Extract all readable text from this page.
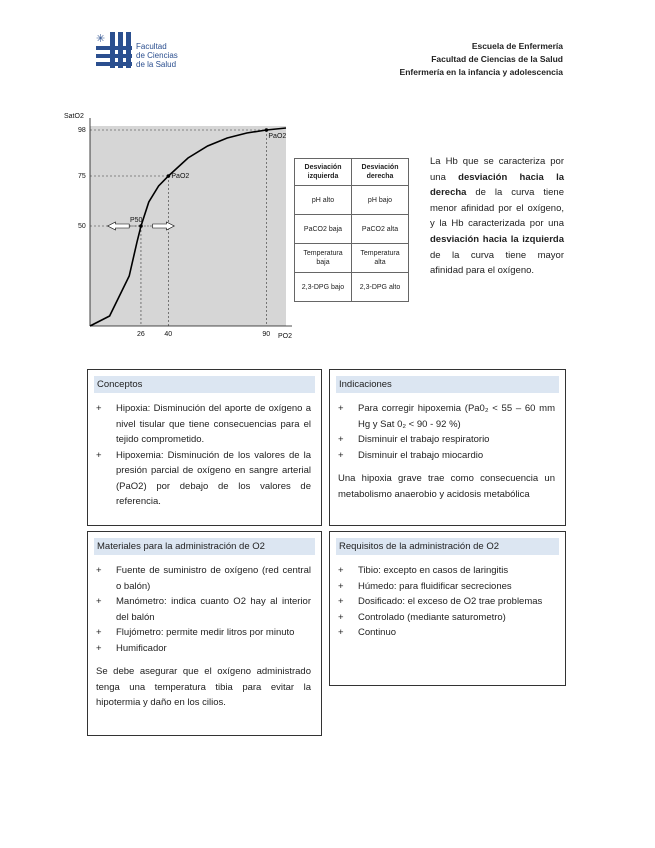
✳
Facultad
de Ciencias
de la Salud
Escuela de Enfermería
Facultad de Ciencias de la Salud
Enfermería en la infancia y adolescencia
SatO2
PO2
26
50
40
75
90
98
PaO2
PaO2
P50
Desviación izquierda	Desviación derecha
pH alto	pH bajo
PaCO2 baja	PaCO2 alta
Temperatura baja	Temperatura alta
2,3-DPG bajo	2,3-DPG alto
La Hb que se caracteriza por una desviación hacia la derecha de la curva tiene menor afinidad por el oxígeno, y la Hb caracterizada por una desviación hacia la izquierda de la curva tiene mayor afinidad para el oxígeno.
Conceptos
+	Hipoxia: Disminución del aporte de oxígeno a nivel tisular que tiene consecuencias para el tejido comprometido.
+	Hipoxemia: Disminución de los valores de la presión parcial de oxígeno en sangre arterial (PaO2) por debajo de los valores de referencia.
Indicaciones
+	Para corregir hipoxemia (Pa0₂ < 55 – 60 mm Hg y Sat 0₂ < 90 - 92 %)
+	Disminuir el trabajo respiratorio
+	Disminuir el trabajo miocardio

Una hipoxia grave trae como consecuencia un metabolismo anaerobio y acidosis metabólica

Materiales para la administración de O2
+	Fuente de suministro de oxígeno (red central o balón)
+	Manómetro: indica cuanto O2 hay al interior del balón
+	Flujómetro: permite medir litros por minuto
+	Humificador

Se debe asegurar que el oxígeno administrado tenga una temperatura tibia para evitar la hipotermia y daño en los cilios.

Requisitos de la administración de O2
+	Tibio: excepto en casos de laringitis
+	Húmedo: para fluidificar secreciones
+	Dosificado: el exceso de O2 trae problemas
+	Controlado (mediante saturometro)
+	Continuo
